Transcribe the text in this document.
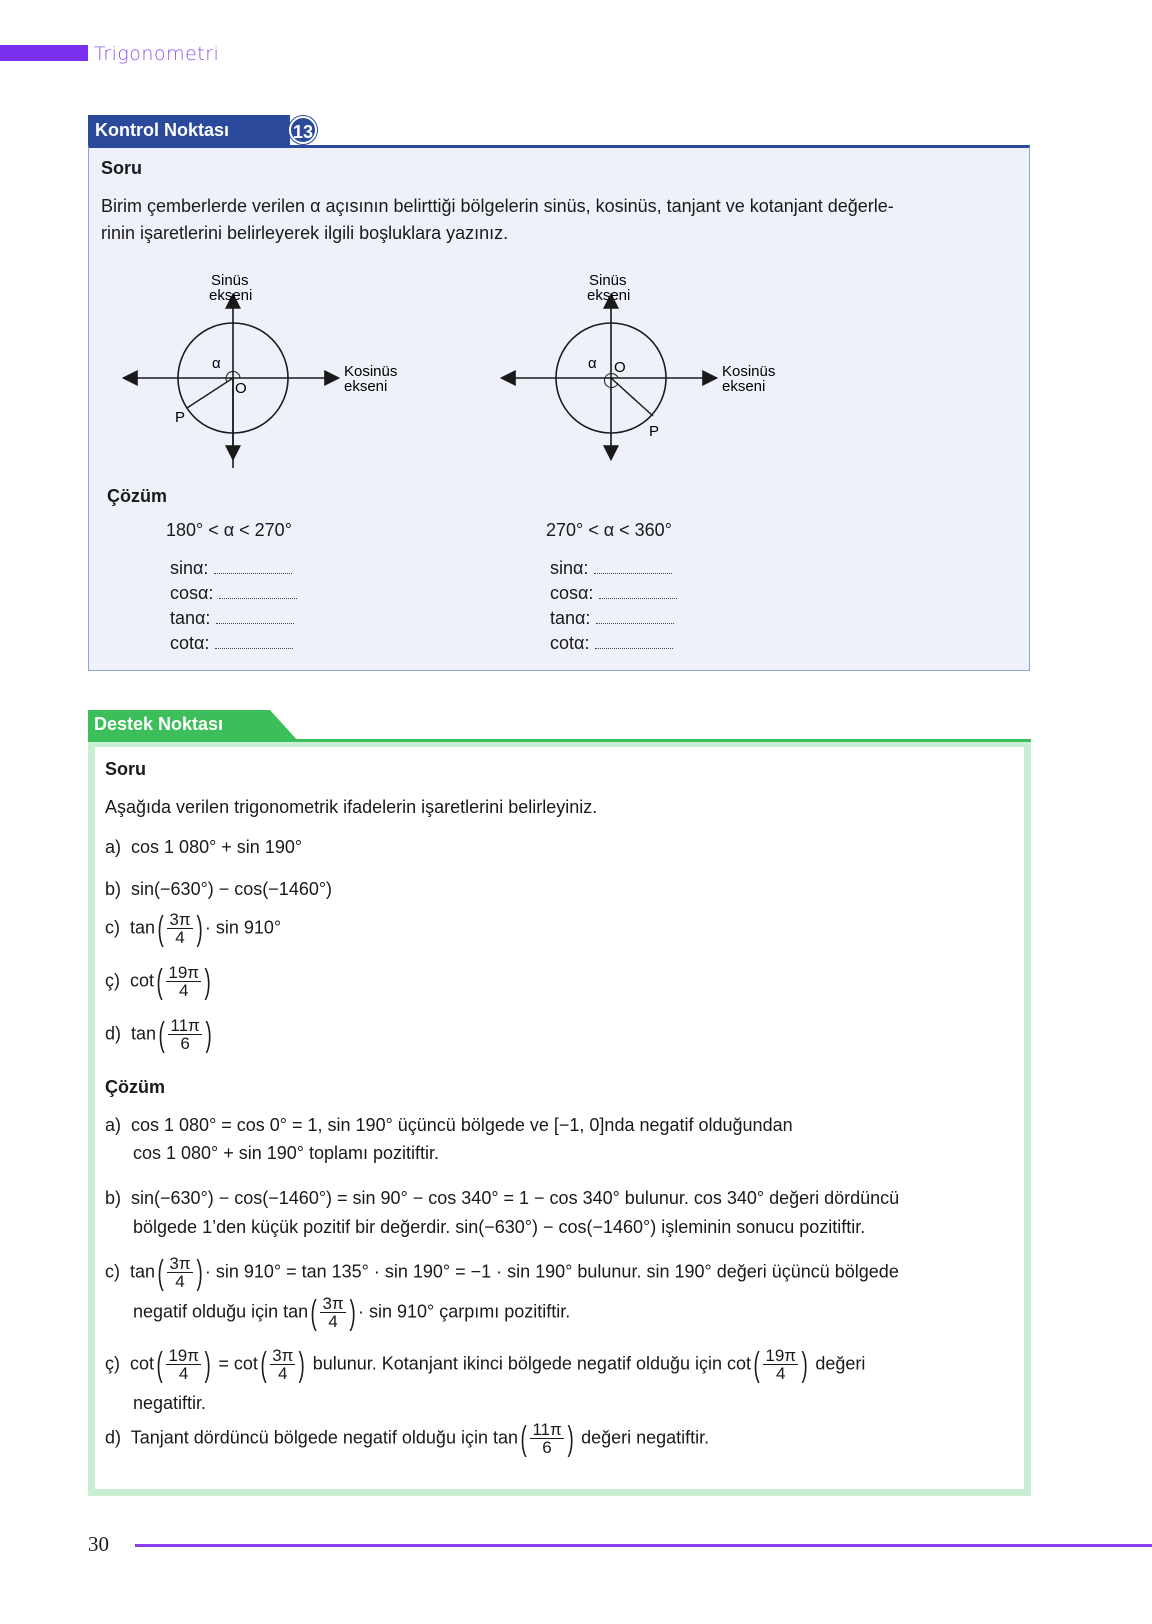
Trigonometri
Kontrol Noktası	13
Soru
Birim çemberlerde verilen α açısının belirttiği bölgelerin sinüs, kosinüs, tanjant ve kotanjant değerle-
rinin işaretlerini belirleyerek ilgili boşluklara yazınız.
Sinüs
ekseni
Kosinüs
ekseni
α
O
P
Sinüs
ekseni
Kosinüs
ekseni
α O
P
Çözüm
180° < α < 270°	270° < α < 360°
sinα:
cosα:
tanα:
cotα:
sinα:
cosα:
tanα:
cotα:
Destek Noktası
Soru
Aşağıda verilen trigonometrik ifadelerin işaretlerini belirleyiniz.
a) cos 1 080° + sin 190°
b) sin(−630°) − cos(−1460°)
c) $\tan( \frac{3\pi}{4}$ ) · sin 910°
ç) $\cot( \frac{19\pi}{4}$ )
d) $\tan( \frac{11\pi}{6}$ )
Çözüm
a)  cos 1 080° = cos 0° = 1, sin 190° üçüncü bölgede ve [−1, 0]nda negatif olduğundan
cos 1 080° + sin 190° toplamı pozitiftir.
b)  sin(−630°) − cos(−1460°) = sin 90° − cos 340° = 1 − cos 340° bulunur. cos 340° değeri dördüncü
bölgede 1’den küçük pozitif bir değerdir. sin(−630°) − cos(−1460°) işleminin sonucu pozitiftir.
c)  $\tan( \frac{3\pi}{4}$ ) · sin 910° = tan 135° · sin 190° = −1 · sin 190° bulunur. sin 190° değeri üçüncü bölgede
negatif olduğu için $\tan( \frac{3\pi}{4}$ ) · sin 910° çarpımı pozitiftir.
ç)  $\cot( \frac{19\pi}{4}$ ) = $\cot( \frac{3\pi}{4}$ ) bulunur. Kotanjant ikinci bölgede negatif olduğu için $\cot( \frac{19\pi}{4}$ ) değeri
negatiftir.
d)  Tanjant dördüncü bölgede negatif olduğu için $\tan( \frac{11\pi}{6}$ ) değeri negatiftir.
30
